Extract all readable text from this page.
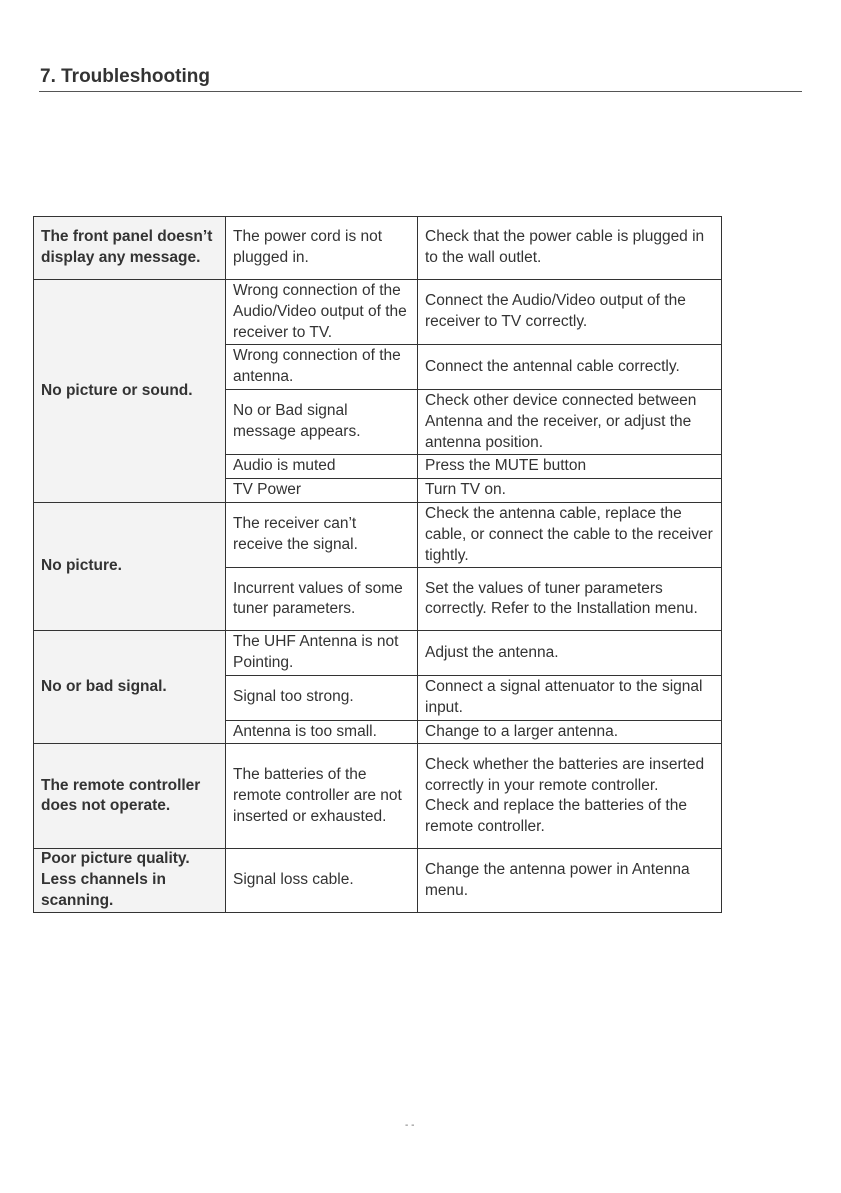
7. Troubleshooting
The front panel doesn’t display any message.	The power cord is not plugged in.	Check that the power cable is plugged in to the wall outlet.
No picture or sound.	Wrong connection of the Audio/Video output of the receiver to TV.	Connect the Audio/Video output of the receiver to TV correctly.
	Wrong connection of the antenna.	Connect the antennal cable correctly.
	No or Bad signal message appears.	Check other device connected between Antenna and the receiver, or adjust the antenna position.
	Audio is muted	Press the MUTE button
	TV Power	Turn TV on.
No picture.	The receiver can’t receive the signal.	Check the antenna cable, replace the cable, or connect the cable to the receiver tightly.
	Incurrent values of some tuner parameters.	Set the values of tuner parameters correctly. Refer to the Installation menu.
No or bad signal.	The UHF Antenna is not Pointing.	Adjust the antenna.
	Signal too strong.	Connect a signal attenuator to the signal input.
	Antenna is too small.	Change to a larger antenna.
The remote controller does not operate.	The batteries of the remote controller are not inserted or exhausted.	Check whether the batteries are inserted correctly in your remote controller.
Check and replace the batteries of the remote controller.
Poor picture quality. Less channels in scanning.	Signal loss cable.	Change the antenna power in Antenna menu.
- -
